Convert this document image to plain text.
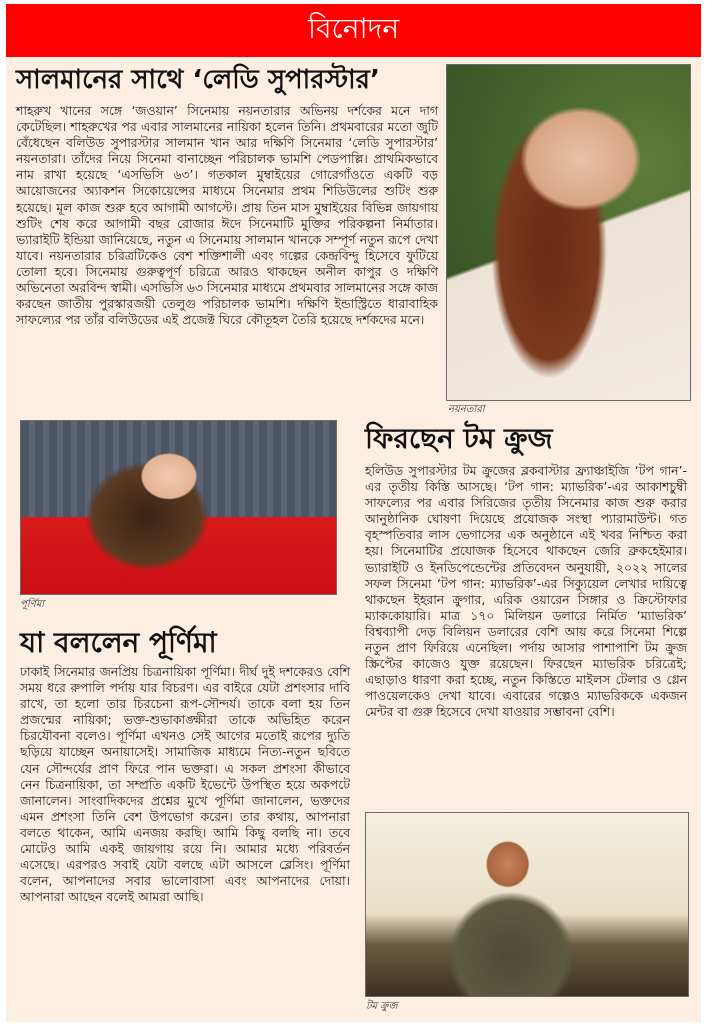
বিনোদন
সালমানের সাথে ‘লেডি সুপারস্টার’
শাহরুখ খানের সঙ্গে ‘জওয়ান’ সিনেমায় নয়নতারার অভিনয় দর্শকের মনে দাগ কেটেছিল। শাহরুখের পর এবার সালমানের নায়িকা হলেন তিনি। প্রথমবারের মতো জুটি বেঁধেছেন বলিউড সুপারস্টার সালমান খান আর দক্ষিণি সিনেমার ‘লেডি সুপারস্টার’ নয়নতারা। তাঁদের নিয়ে সিনেমা বানাচ্ছেন পরিচালক ভামশি পেডপাল্লি। প্রাথমিকভাবে নাম রাখা হয়েছে ‘এসভিসি ৬৩’। গতকাল মুম্বাইয়ের গোরেগাঁওতে একটি বড় আয়োজনের অ্যাকশন সিকোয়েন্সের মাধ্যমে সিনেমার প্রথম শিডিউলের শুটিং শুরু হয়েছে। মূল কাজ শুরু হবে আগামী আগস্টে। প্রায় তিন মাস মুম্বাইয়ের বিভিন্ন জায়গায় শুটিং শেষ করে আগামী বছর রোজার ঈদে সিনেমাটি মুক্তির পরিকল্পনা নির্মাতার। ভ্যারাইটি ইন্ডিয়া জানিয়েছে, নতুন এ সিনেমায় সালমান খানকে সম্পূর্ণ নতুন রূপে দেখা যাবে। নয়নতারার চরিত্রটিকেও বেশ শক্তিশালী এবং গল্পের কেন্দ্রবিন্দু হিসেবে ফুটিয়ে তোলা হবে। সিনেমায় গুরুত্বপূর্ণ চরিত্রে আরও থাকছেন অনীল কাপুর ও দক্ষিণি অভিনেতা অরবিন্দ স্বামী। এসভিসি ৬৩ সিনেমার মাধ্যমে প্রথমবার সালমানের সঙ্গে কাজ করছেন জাতীয় পুরস্কারজয়ী তেলুগু পরিচালক ভামশি। দক্ষিণি ইন্ডাস্ট্রিতে ধারাবাহিক সাফল্যের পর তাঁর বলিউডের এই প্রজেক্ট ঘিরে কৌতূহল তৈরি হয়েছে দর্শকদের মনে।
নয়নতারা
পূর্ণিমা
ফিরছেন টম ক্রুজ
হলিউড সুপারস্টার টম ক্রুজের ব্লকবাস্টার ফ্র্যাঞ্চাইজি ‘টপ গান’-এর তৃতীয় কিস্তি আসছে। ‘টপ গান: ম্যাভরিক’-এর আকাশচুম্বী সাফল্যের পর এবার সিরিজের তৃতীয় সিনেমার কাজ শুরু করার আনুষ্ঠানিক ঘোষণা দিয়েছে প্রযোজক সংস্থা প্যারামাউন্ট। গত বৃহস্পতিবার লাস ভেগাসের এক অনুষ্ঠানে এই খবর নিশ্চিত করা হয়। সিনেমাটির প্রযোজক হিসেবে থাকছেন জেরি ব্রুকহেইমার। ভ্যারাইটি ও ইনডিপেন্ডেন্টের প্রতিবেদন অনুযায়ী, ২০২২ সালের সফল সিনেমা ‘টপ গান: ম্যাভরিক’-এর সিক্যুয়েল লেখার দায়িত্বে থাকছেন ইহরান ক্রুগার, এরিক ওয়ারেন সিঙ্গার ও ক্রিস্টোফার ম্যাককোয়ারি। মাত্র ১৭০ মিলিয়ন ডলারে নির্মিত ‘ম্যাভরিক’ বিশ্বব্যাপী দেড় বিলিয়ন ডলারের বেশি আয় করে সিনেমা শিল্পে নতুন প্রাণ ফিরিয়ে এনেছিল। পর্দায় আসার পাশাপাশি টম ক্রুজ স্ক্রিপ্টের কাজেও যুক্ত রয়েছেন। ফিরছেন ম্যাভরিক চরিত্রেই; এছাড়াও ধারণা করা হচ্ছে, নতুন কিস্তিতে মাইলস টেলার ও গ্লেন পাওয়েলকেও দেখা যাবে। এবারের গল্পেও ম্যাভরিককে একজন মেন্টর বা গুরু হিসেবে দেখা যাওয়ার সম্ভাবনা বেশি।
টম ক্রুজ
যা বললেন পূর্ণিমা
ঢাকাই সিনেমার জনপ্রিয় চিত্রনায়িকা পূর্ণিমা। দীর্ঘ দুই দশকেরও বেশি সময় ধরে রুপালি পর্দায় যার বিচরণ। এর বাইরে যেটা প্রশংসার দাবি রাখে, তা হলো তার চিরচেনা রূপ-সৌন্দর্য। তাকে বলা হয় তিন প্রজন্মের নায়িকা; ভক্ত-শুভাকাঙ্ক্ষীরা তাকে অভিহিত করেন চিরযৌবনা বলেও। পূর্ণিমা এখনও সেই আগের মতোই রূপের দ্যুতি ছড়িয়ে যাচ্ছেন অনায়াসেই। সামাজিক মাধ্যমে নিত্য-নতুন ছবিতে যেন সৌন্দর্যের প্রাণ ফিরে পান ভক্তরা। এ সকল প্রশংসা কীভাবে নেন চিত্রনায়িকা, তা সম্প্রতি একটি ইভেন্টে উপস্থিত হয়ে অকপটে জানালেন। সাংবাদিকদের প্রশ্নের মুখে পূর্ণিমা জানালেন, ভক্তদের এমন প্রশংসা তিনি বেশ উপভোগ করেন। তার কথায়, আপনারা বলতে থাকেন, আমি এনজয় করছি। আমি কিছু বলছি না। তবে মোটেও আমি একই জায়গায় রয়ে নি। আমার মধ্যে পরিবর্তন এসেছে। এরপরও সবাই যেটা বলছে এটা আসলে ব্লেসিং। পূর্ণিমা বলেন, আপনাদের সবার ভালোবাসা এবং আপনাদের দোয়া। আপনারা আছেন বলেই আমরা আছি।
